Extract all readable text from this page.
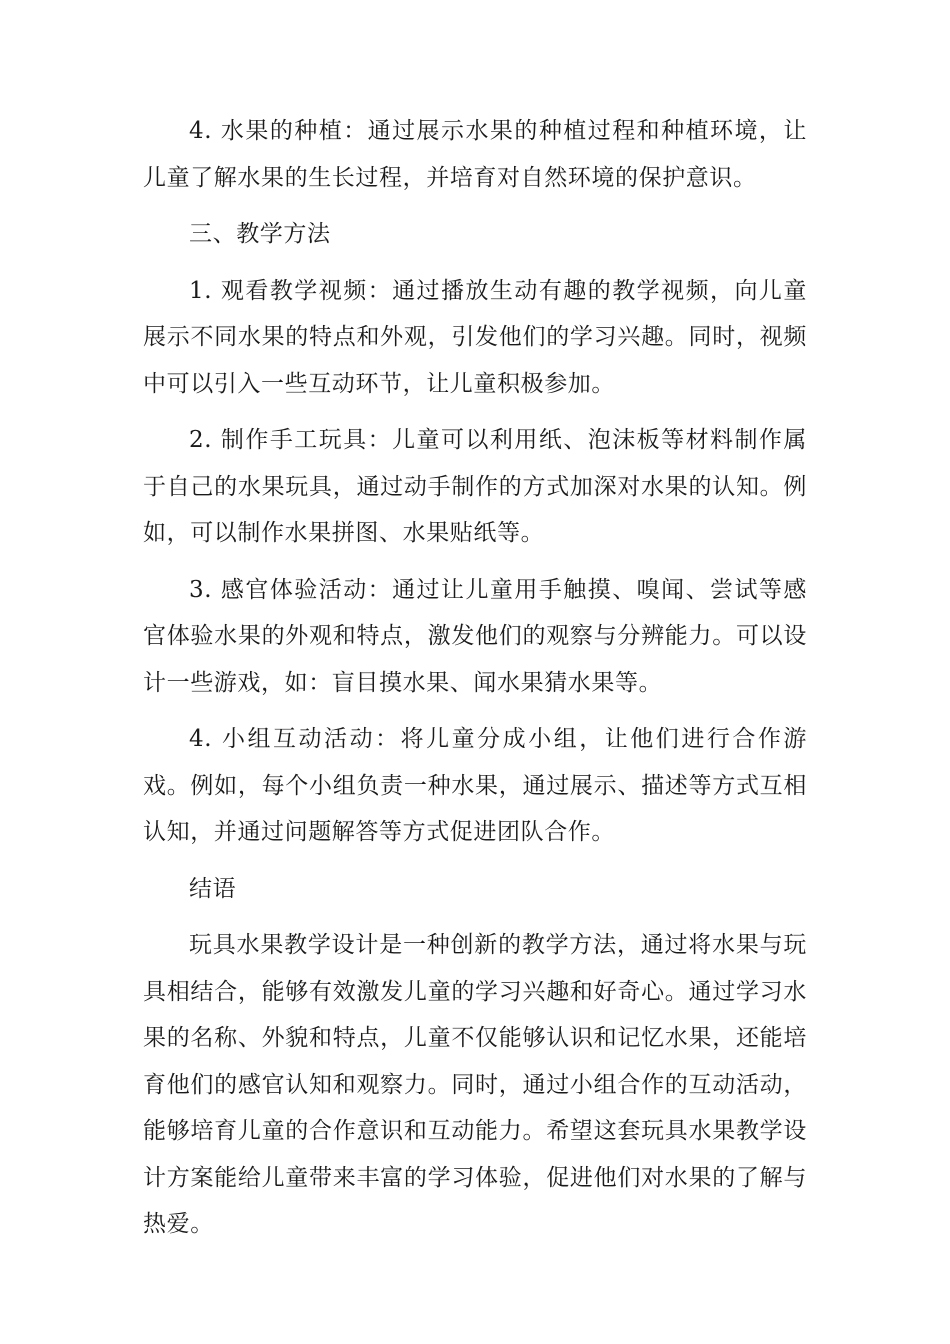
4. 水果的种植：通过展示水果的种植过程和种植环境，让儿童了解水果的生长过程，并培育对自然环境的保护意识。

三、教学方法

1. 观看教学视频：通过播放生动有趣的教学视频，向儿童展示不同水果的特点和外观，引发他们的学习兴趣。同时，视频中可以引入一些互动环节，让儿童积极参加。

2. 制作手工玩具：儿童可以利用纸、泡沫板等材料制作属于自己的水果玩具，通过动手制作的方式加深对水果的认知。例如，可以制作水果拼图、水果贴纸等。

3. 感官体验活动：通过让儿童用手触摸、嗅闻、尝试等感官体验水果的外观和特点，激发他们的观察与分辨能力。可以设计一些游戏，如：盲目摸水果、闻水果猜水果等。

4. 小组互动活动：将儿童分成小组，让他们进行合作游戏。例如，每个小组负责一种水果，通过展示、描述等方式互相认知，并通过问题解答等方式促进团队合作。

结语

玩具水果教学设计是一种创新的教学方法，通过将水果与玩具相结合，能够有效激发儿童的学习兴趣和好奇心。通过学习水果的名称、外貌和特点，儿童不仅能够认识和记忆水果，还能培育他们的感官认知和观察力。同时，通过小组合作的互动活动，能够培育儿童的合作意识和互动能力。希望这套玩具水果教学设计方案能给儿童带来丰富的学习体验，促进他们对水果的了解与热爱。
